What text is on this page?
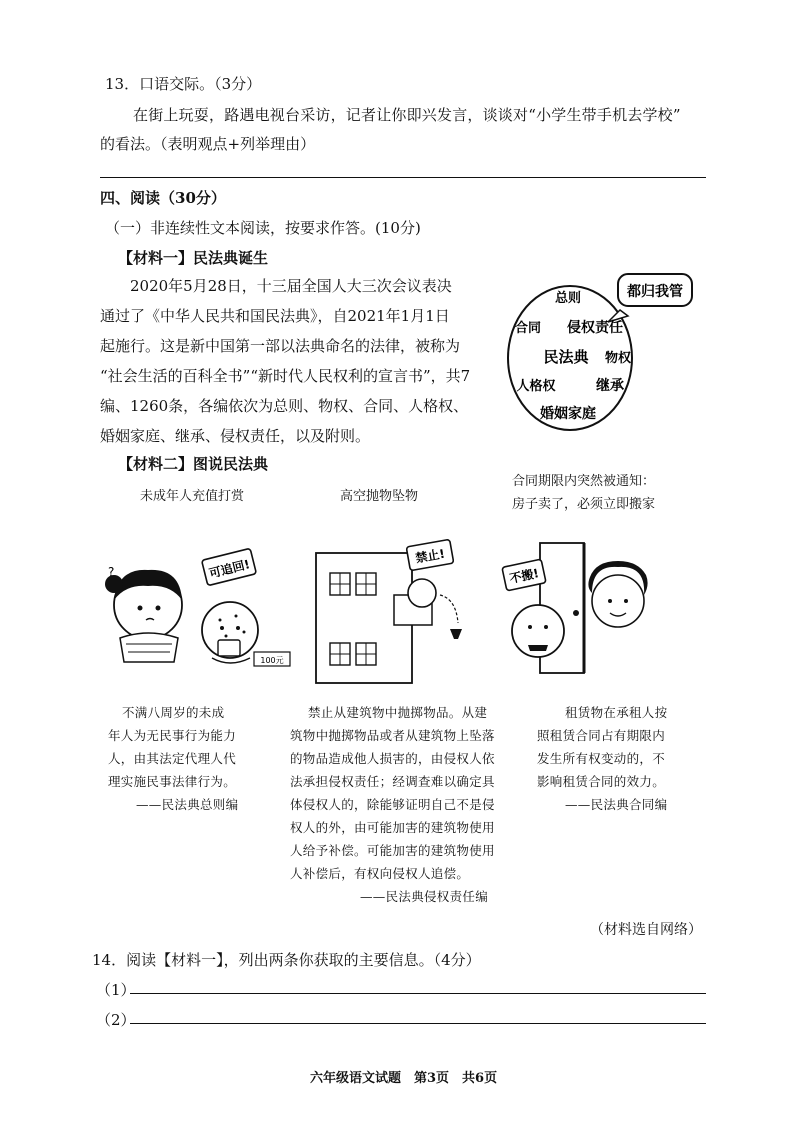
13．口语交际。（3分）
在街上玩耍，路遇电视台采访，记者让你即兴发言，谈谈对“小学生带手机去学校”
的看法。（表明观点+列举理由）
四、阅读（30分）
（一）非连续性文本阅读，按要求作答。(10分)
【材料一】民法典诞生
2020年5月28日，十三届全国人大三次会议表决
通过了《中华人民共和国民法典》，自2021年1月1日
起施行。这是新中国第一部以法典命名的法律，被称为
“社会生活的百科全书”“新时代人民权利的宣言书”，共7
编、1260条，各编依次为总则、物权、合同、人格权、
婚姻家庭、继承、侵权责任，以及附则。
都归我管
总则
合同 侵权责任
民法典 物权
人格权	继承
婚姻家庭
【材料二】图说民法典
未成年人充值打赏	高空抛物坠物
合同期限内突然被通知：
房子卖了，必须立即搬家
?	可追回!
100元
禁止!
不搬!
不满八周岁的未成
年人为无民事行为能力
人，由其法定代理人代
理实施民事法律行为。
——民法典总则编
禁止从建筑物中抛掷物品。从建
筑物中抛掷物品或者从建筑物上坠落
的物品造成他人损害的，由侵权人依
法承担侵权责任；经调查难以确定具
体侵权人的，除能够证明自己不是侵
权人的外，由可能加害的建筑物使用
人给予补偿。可能加害的建筑物使用
人补偿后，有权向侵权人追偿。
——民法典侵权责任编
租赁物在承租人按
照租赁合同占有期限内
发生所有权变动的，不
影响租赁合同的效力。
——民法典合同编
（材料选自网络）
14．阅读【材料一】，列出两条你获取的主要信息。（4分）
（1）
（2）
六年级语文试题　第3页　共6页
